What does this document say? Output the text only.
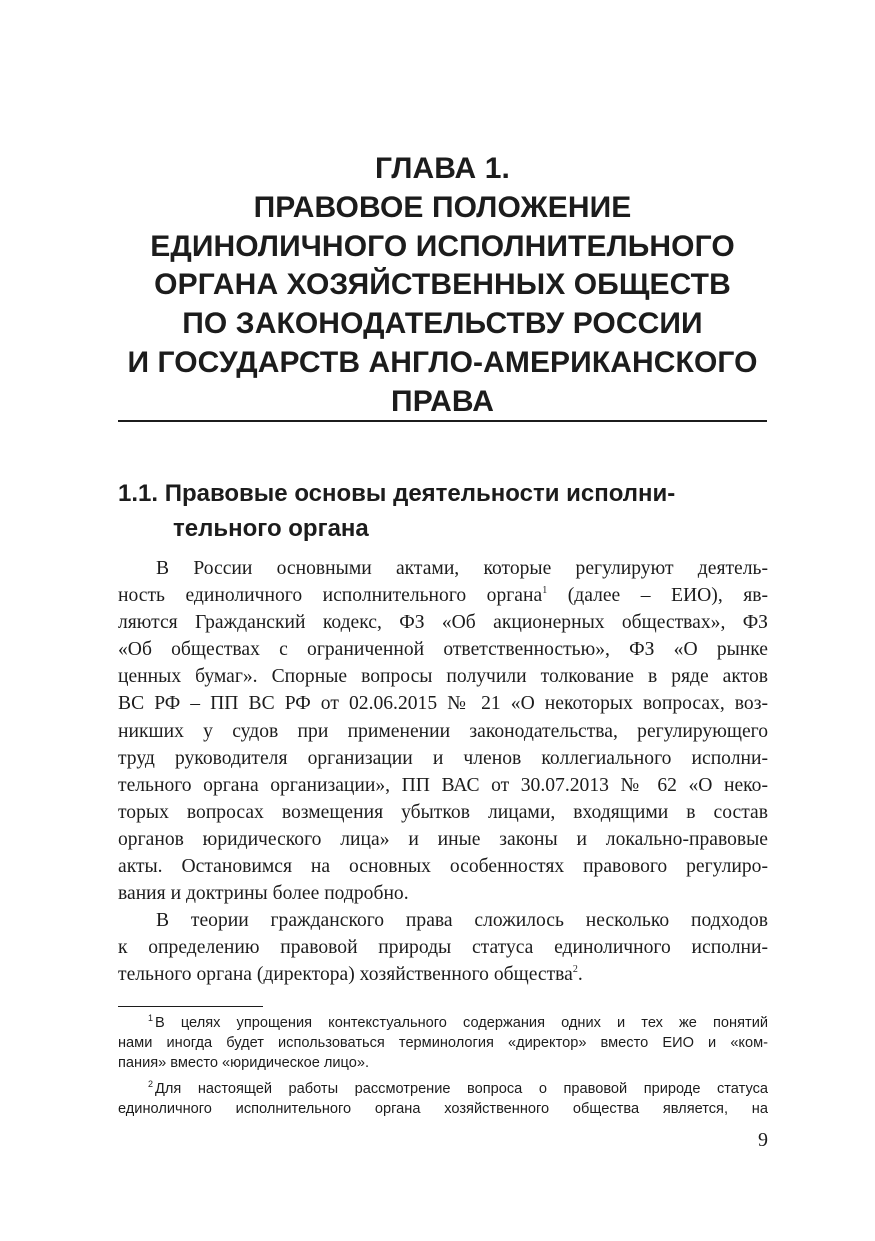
ГЛАВА 1.
ПРАВОВОЕ ПОЛОЖЕНИЕ
ЕДИНОЛИЧНОГО ИСПОЛНИТЕЛЬНОГО
ОРГАНА ХОЗЯЙСТВЕННЫХ ОБЩЕСТВ
ПО ЗАКОНОДАТЕЛЬСТВУ РОССИИ
И ГОСУДАРСТВ АНГЛО-АМЕРИКАНСКОГО
ПРАВА
1.1. Правовые основы деятельности исполни-
тельного органа
В России основными актами, которые регулируют деятель-
ность единоличного исполнительного органа$^1$ (далее – ЕИО), яв-
ляются Гражданский кодекс, ФЗ «Об акционерных обществах», ФЗ
«Об обществах с ограниченной ответственностью», ФЗ «О рынке
ценных бумаг». Спорные вопросы получили толкование в ряде актов
ВС РФ – ПП ВС РФ от 02.06.2015 № 21 «О некоторых вопросах, воз-
никших у судов при применении законодательства, регулирующего
труд руководителя организации и членов коллегиального исполни-
тельного органа организации», ПП ВАС от 30.07.2013 № 62 «О неко-
торых вопросах возмещения убытков лицами, входящими в состав
органов юридического лица» и иные законы и локально-правовые
акты. Остановимся на основных особенностях правового регулиро-
вания и доктрины более подробно.
В теории гражданского права сложилось несколько подходов
к определению правовой природы статуса единоличного исполни-
тельного органа (директора) хозяйственного общества$^2$.
$^1$ В целях упрощения контекстуального содержания одних и тех же понятий
нами иногда будет использоваться терминология «директор» вместо ЕИО и «ком-
пания» вместо «юридическое лицо».
$^2$ Для настоящей работы рассмотрение вопроса о правовой природе статуса
единоличного исполнительного органа хозяйственного общества является, на
9
